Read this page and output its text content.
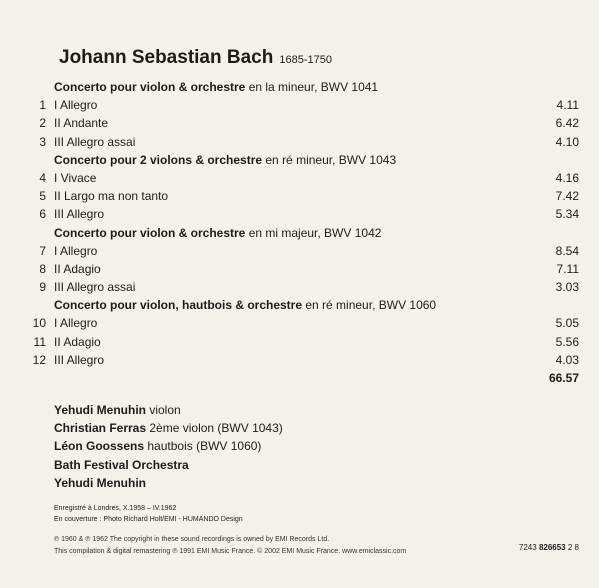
Johann Sebastian Bach 1685-1750
Concerto pour violon & orchestre en la mineur, BWV 1041
1 I Allegro	4.11
2 II Andante	6.42
3 III Allegro assai	4.10
Concerto pour 2 violons & orchestre en ré mineur, BWV 1043
4 I Vivace	4.16
5 II Largo ma non tanto	7.42
6 III Allegro	5.34
Concerto pour violon & orchestre en mi majeur, BWV 1042
7 I Allegro	8.54
8 II Adagio	7.11
9 III Allegro assai	3.03
Concerto pour violon, hautbois & orchestre en ré mineur, BWV 1060
10 I Allegro	5.05
11 II Adagio	5.56
12 III Allegro	4.03
66.57
Yehudi Menuhin violon
Christian Ferras 2ème violon (BWV 1043)
Léon Goossens hautbois (BWV 1060)
Bath Festival Orchestra
Yehudi Menuhin
Enregistré à Londres, X.1958 – IV.1962
En couverture : Photo Richard Holt/EMI - HUMANDO Design
℗ 1960 & ℗ 1962 The copyright in these sound recordings is owned by EMI Records Ltd.
This compilation & digital remastering ℗ 1991 EMI Music France. © 2002 EMI Music France. www.emiclassic.com	7243 826653 2 8
